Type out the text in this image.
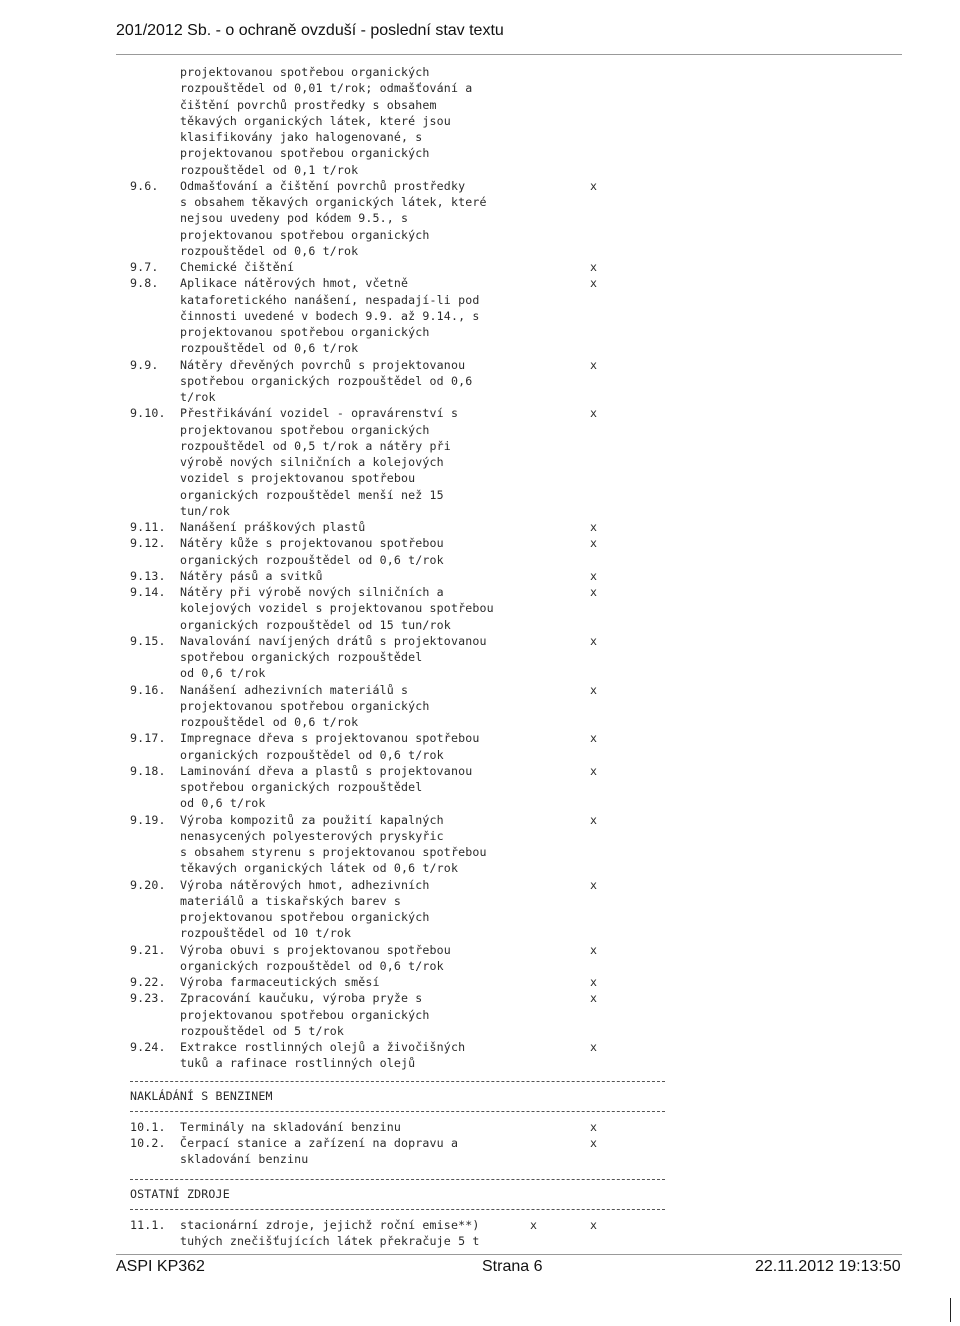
201/2012 Sb. - o ochraně ovzduší - poslední stav textu
projektovanou spotřebou organických
rozpouštědel od 0,01 t/rok; odmašťování a
čištění povrchů prostředky s obsahem
těkavých organických látek, které jsou
klasifikovány jako halogenované, s
projektovanou spotřebou organických
rozpouštědel od 0,1 t/rok
9.6. Odmašťování a čištění povrchů prostředky	x
s obsahem těkavých organických látek, které
nejsou uvedeny pod kódem 9.5., s
projektovanou spotřebou organických
rozpouštědel od 0,6 t/rok
9.7. Chemické čištění	x
9.8. Aplikace nátěrových hmot, včetně	x
kataforetického nanášení, nespadají-li pod
činnosti uvedené v bodech 9.9. až 9.14., s
projektovanou spotřebou organických
rozpouštědel od 0,6 t/rok
9.9. Nátěry dřevěných povrchů s projektovanou	x
spotřebou organických rozpouštědel od 0,6
t/rok
9.10. Přestřikávání vozidel - opravárenství s	x
projektovanou spotřebou organických
rozpouštědel od 0,5 t/rok a nátěry při
výrobě nových silničních a kolejových
vozidel s projektovanou spotřebou
organických rozpouštědel menší než 15
tun/rok
9.11. Nanášení práškových plastů	x
9.12. Nátěry kůže s projektovanou spotřebou	x
organických rozpouštědel od 0,6 t/rok
9.13. Nátěry pásů a svitků	x
9.14. Nátěry při výrobě nových silničních a	x
kolejových vozidel s projektovanou spotřebou
organických rozpouštědel od 15 tun/rok
9.15. Navalování navíjených drátů s projektovanou	x
spotřebou organických rozpouštědel
od 0,6 t/rok
9.16. Nanášení adhezivních materiálů s	x
projektovanou spotřebou organických
rozpouštědel od 0,6 t/rok
9.17. Impregnace dřeva s projektovanou spotřebou	x
organických rozpouštědel od 0,6 t/rok
9.18. Laminování dřeva a plastů s projektovanou	x
spotřebou organických rozpouštědel
od 0,6 t/rok
9.19. Výroba kompozitů za použití kapalných	x
nenasycených polyesterových pryskyřic
s obsahem styrenu s projektovanou spotřebou
těkavých organických látek od 0,6 t/rok
9.20. Výroba nátěrových hmot, adhezivních	x
materiálů a tiskařských barev s
projektovanou spotřebou organických
rozpouštědel od 10 t/rok
9.21. Výroba obuvi s projektovanou spotřebou	x
organických rozpouštědel od 0,6 t/rok
9.22. Výroba farmaceutických směsí	x
9.23. Zpracování kaučuku, výroba pryže s	x
projektovanou spotřebou organických
rozpouštědel od 5 t/rok
9.24. Extrakce rostlinných olejů a živočišných	x
tuků a rafinace rostlinných olejů
NAKLÁDÁNÍ S BENZINEM
10.1. Terminály na skladování benzinu	x
10.2. Čerpací stanice a zařízení na dopravu a	x
skladování benzinu
OSTATNÍ ZDROJE
11.1. stacionární zdroje, jejichž roční emise**)	x	x
tuhých znečišťujících látek překračuje 5 t
ASPI KP362	Strana 6	22.11.2012 19:13:50
